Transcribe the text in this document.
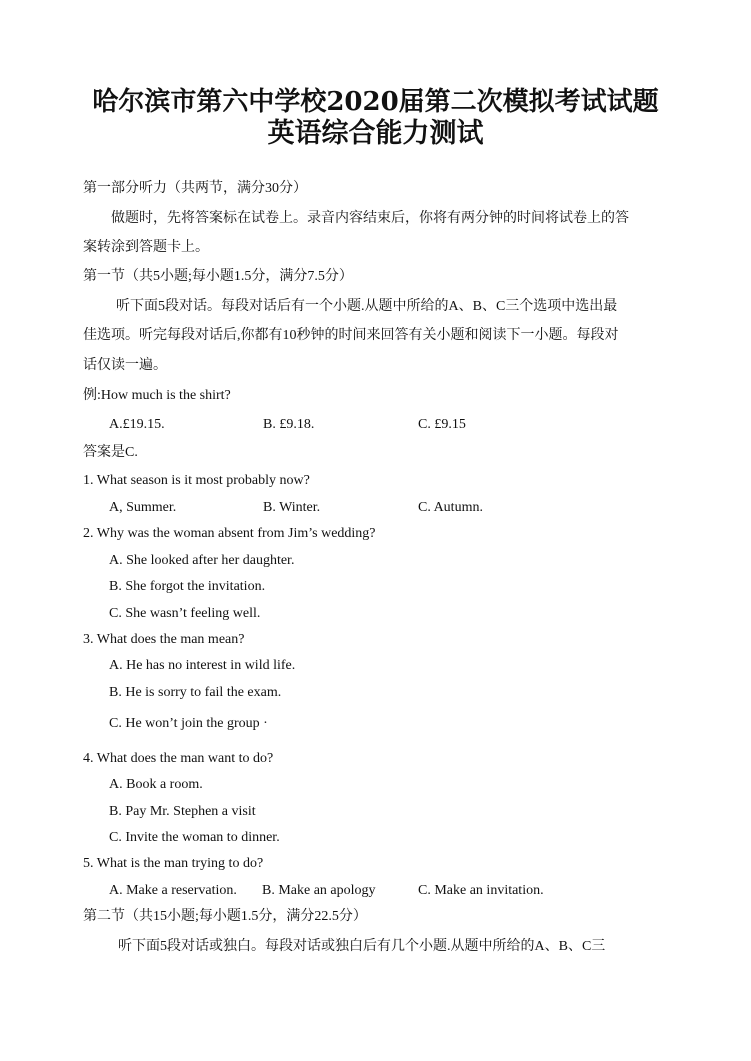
哈尔滨市第六中学校2020届第二次模拟考试试题
英语综合能力测试
第一部分听力（共两节，满分30分）
做题时，先将答案标在试卷上。录音内容结束后，你将有两分钟的时间将试卷上的答
案转涂到答题卡上。
第一节（共5小题;每小题1.5分，满分7.5分）
听下面5段对话。每段对话后有一个小题.从题中所给的A、B、C三个选项中选出最
佳选项。听完每段对话后,你都有10秒钟的时间来回答有关小题和阅读下一小题。每段对
话仅读一遍。
例:How much is the shirt?
A.£19.15.	B. £9.18.	C. £9.15
答案是C.
1. What season is it most probably now?
A, Summer.	B. Winter.	C. Autumn.
2. Why was the woman absent from Jim’s wedding?
A. She looked after her daughter.
B. She forgot the invitation.
C. She wasn’t feeling well.
3. What does the man mean?
A. He has no interest in wild life.
B. He is sorry to fail the exam.
C. He won’t join the group ·
4. What does the man want to do?
A. Book a room.
B. Pay Mr. Stephen a visit
C. Invite the woman to dinner.
5. What is the man trying to do?
A. Make a reservation. B. Make an apology	C. Make an invitation.
第二节（共15小题;每小题1.5分，满分22.5分）
听下面5段对话或独白。每段对话或独白后有几个小题.从题中所给的A、B、C三
